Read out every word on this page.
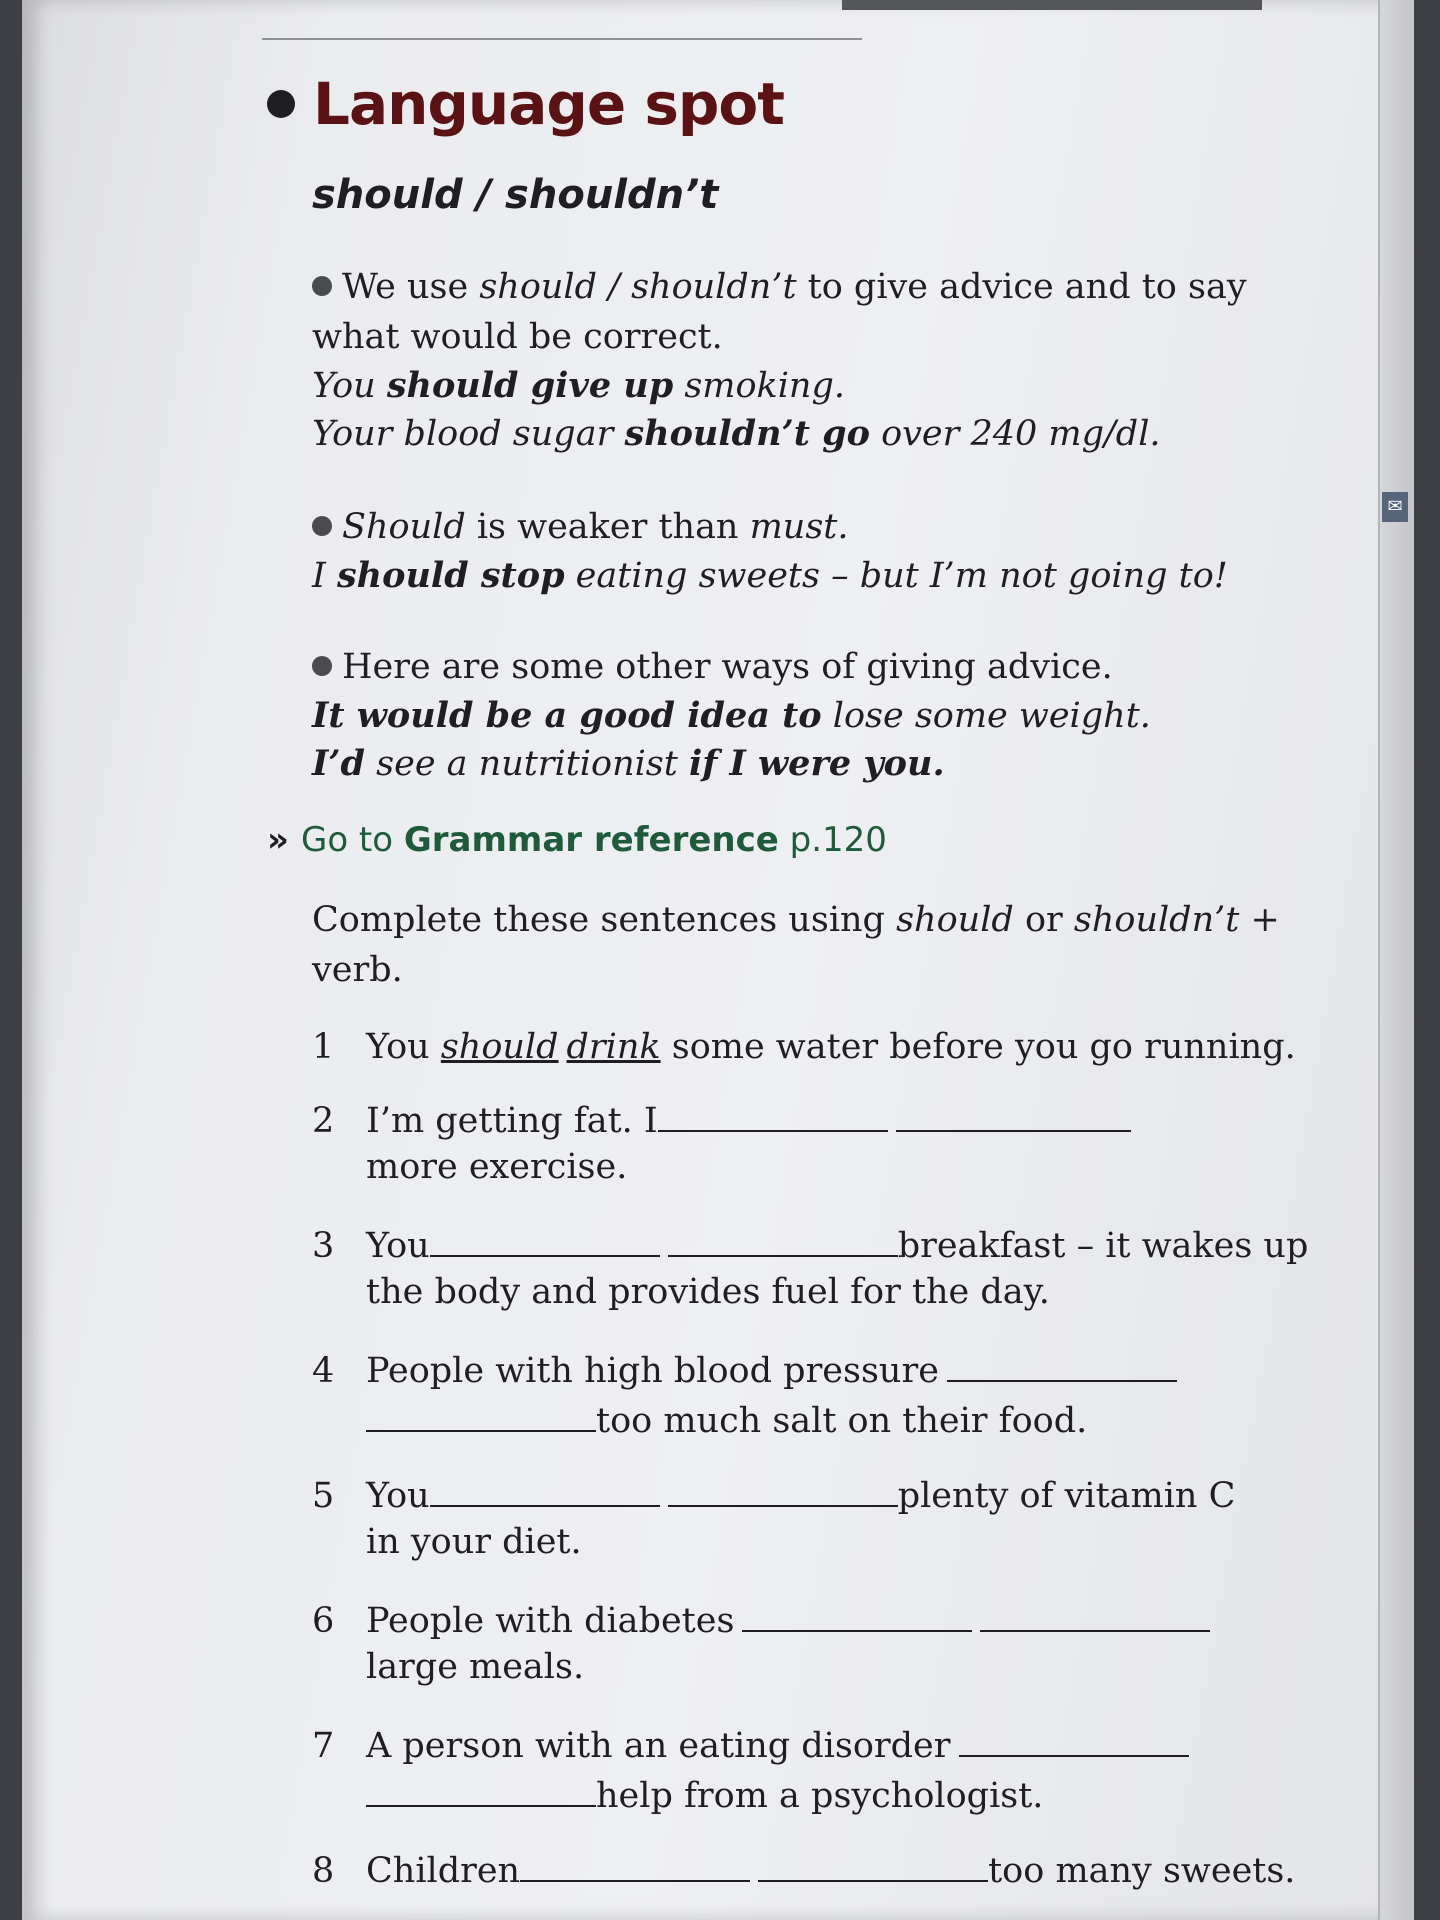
✉
Language spot
should / shouldn’t
We use should / shouldn’t to give advice and to say
what would be correct.
You should give up smoking.
Your blood sugar shouldn’t go over 240 mg/dl.
Should is weaker than must.
I should stop eating sweets – but I’m not going to!
Here are some other ways of giving advice.
It would be a good idea to lose some weight.
I’d see a nutritionist if I were you.
» Go to Grammar reference p.120
Complete these sentences using should or shouldn’t +
verb.
1 You should drink some water before you go running.
2 I’m getting fat. I
more exercise.
3 You	breakfast – it wakes up
the body and provides fuel for the day.
4 People with high blood pressure
too much salt on their food.
5 You	plenty of vitamin C
in your diet.
6 People with diabetes
large meals.
7 A person with an eating disorder
help from a psychologist.
8 Children	too many sweets.
